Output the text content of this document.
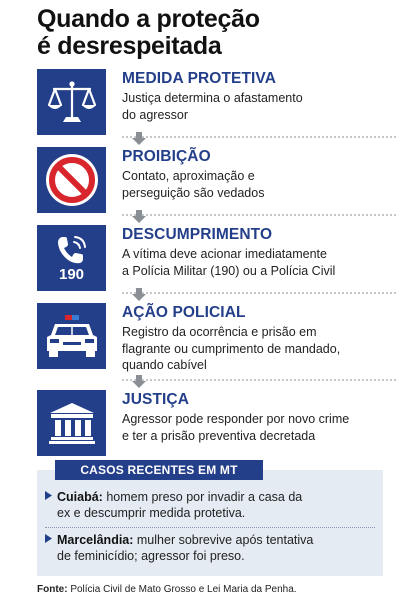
Quando a proteção
é desrespeitada
MEDIDA PROTETIVA
Justiça determina o afastamento
do agressor
PROIBIÇÃO
Contato, aproximação e
perseguição são vedados
190
DESCUMPRIMENTO
A vítima deve acionar imediatamente
a Polícia Militar (190) ou a Polícia Civil
AÇÃO POLICIAL
Registro da ocorrência e prisão em
flagrante ou cumprimento de mandado,
quando cabível
JUSTIÇA
Agressor pode responder por novo crime
e ter a prisão preventiva decretada
CASOS RECENTES EM MT
Cuiabá: homem preso por invadir a casa da
ex e descumprir medida protetiva.
Marcelândia: mulher sobrevive após tentativa
de feminicídio; agressor foi preso.
Fonte: Polícia Civil de Mato Grosso e Lei Maria da Penha.
